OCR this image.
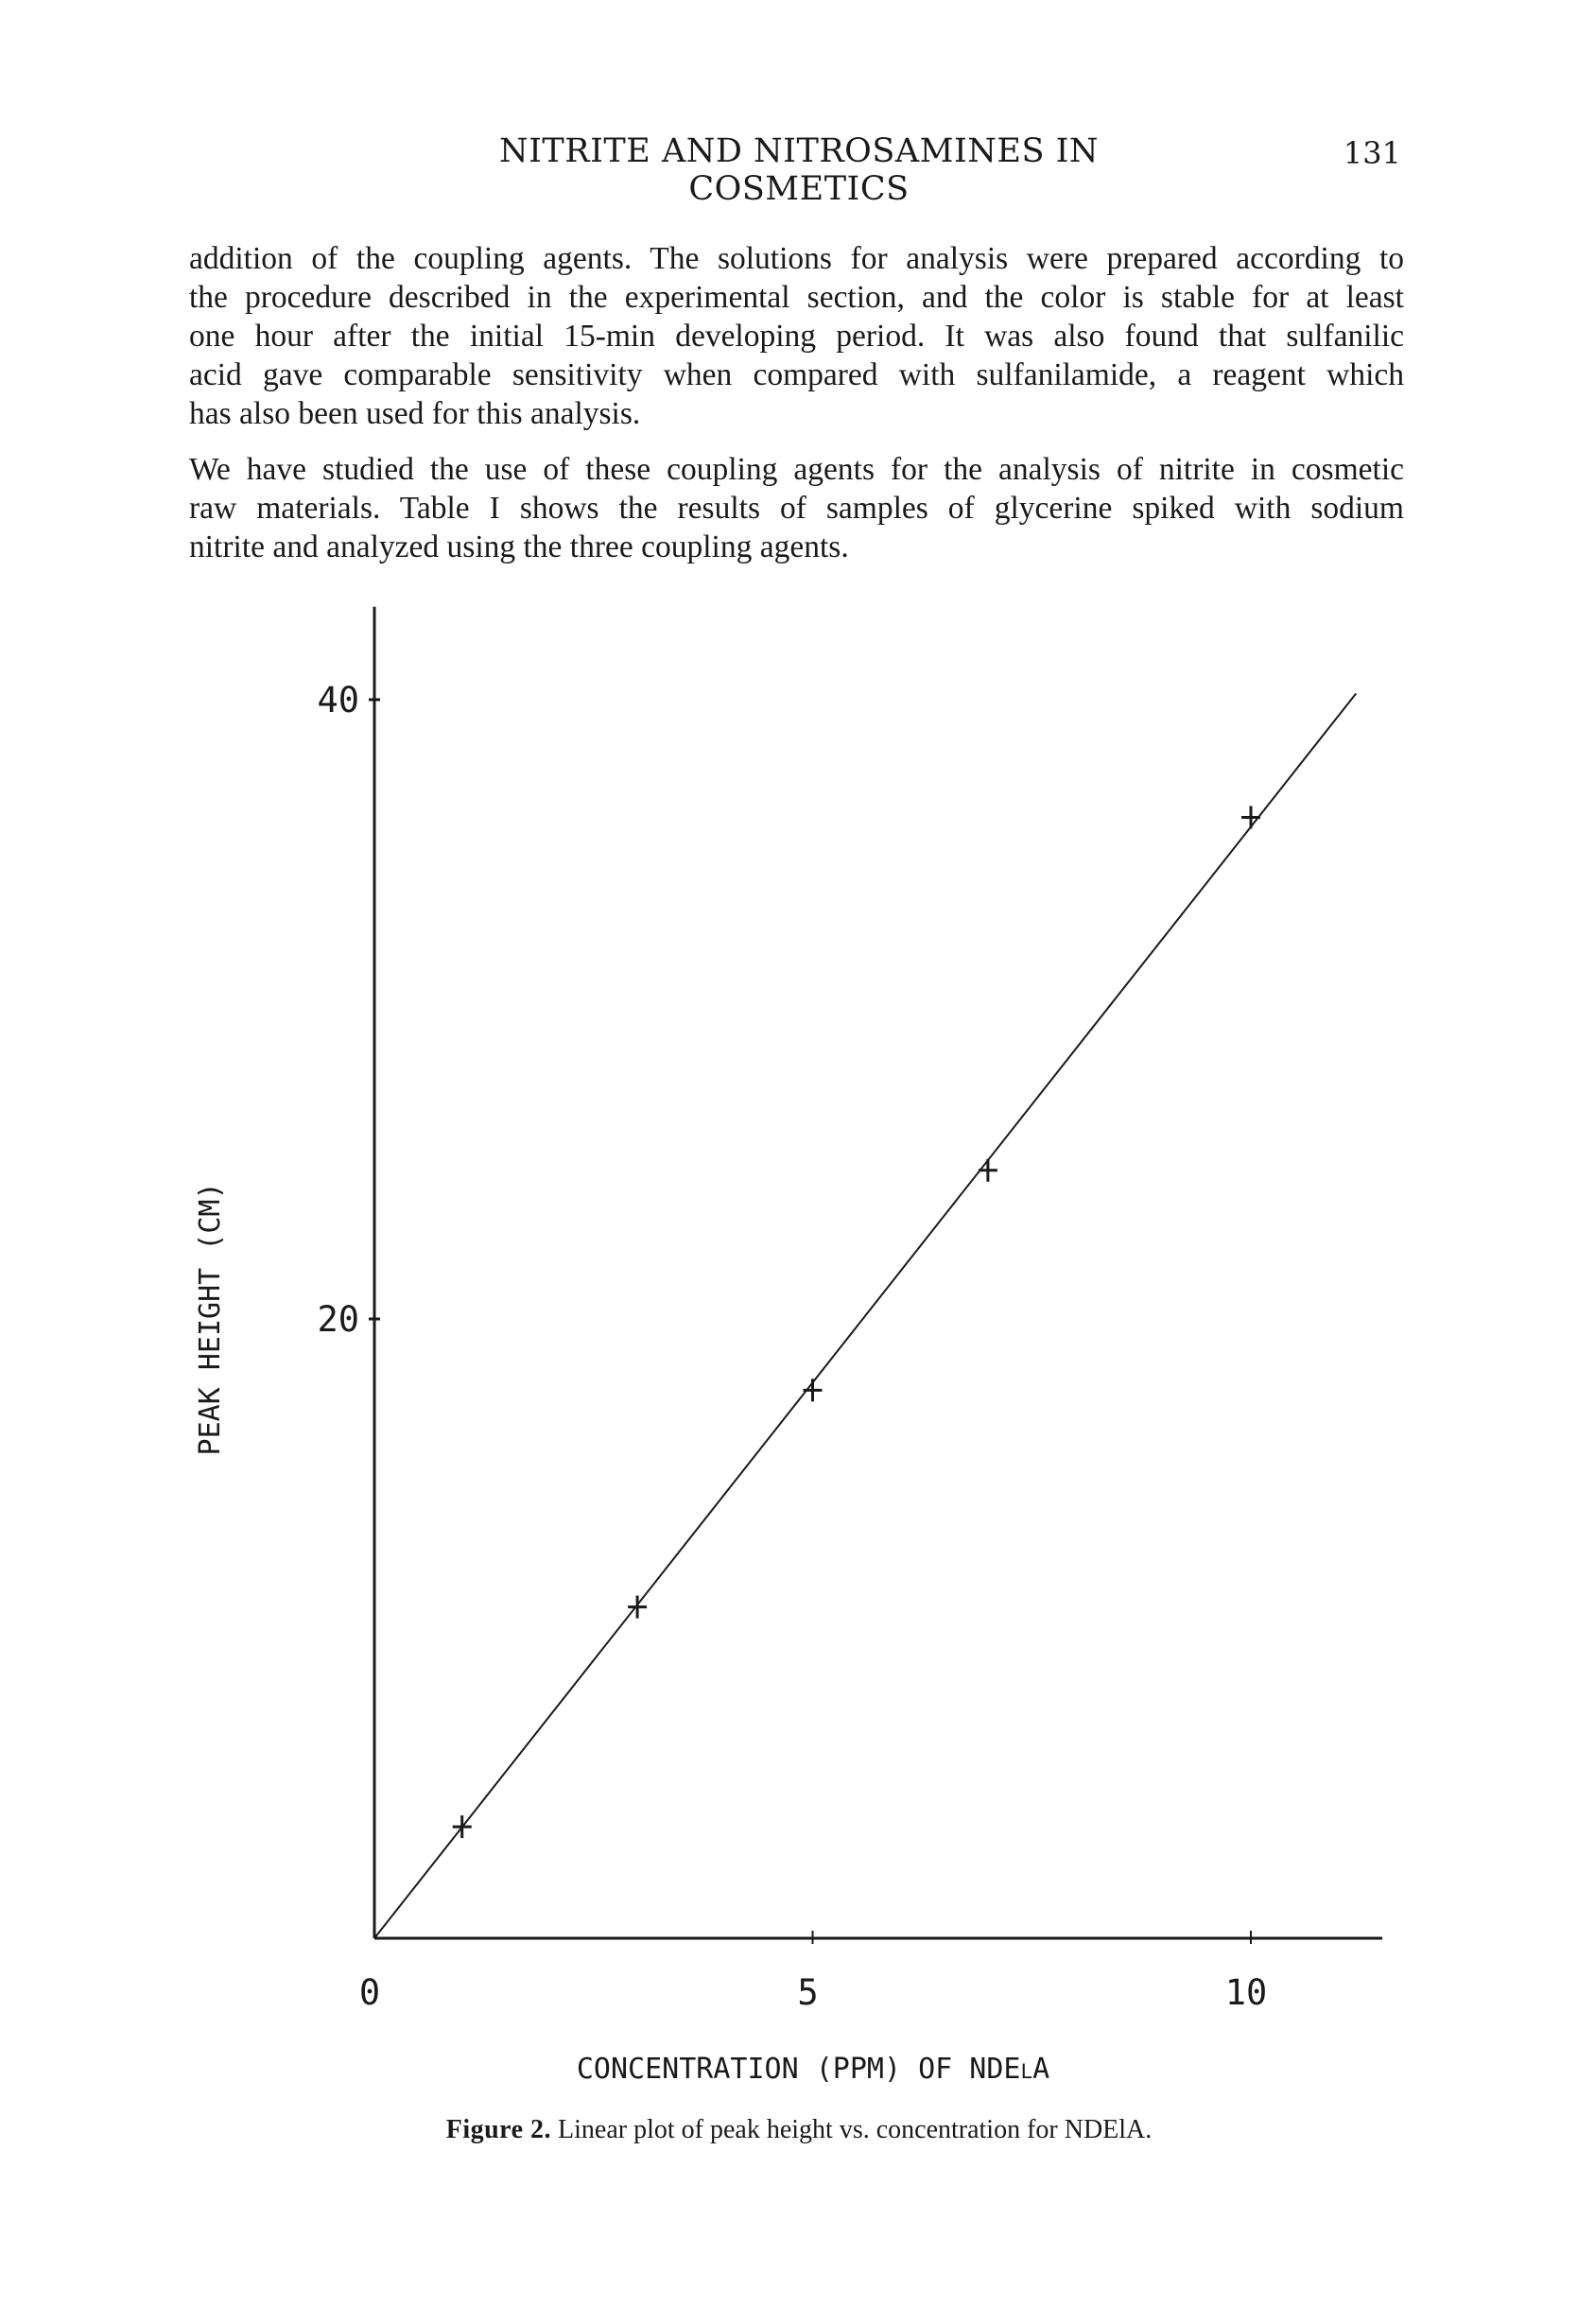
NITRITE AND NITROSAMINES IN COSMETICS
131
addition of the coupling agents. The solutions for analysis were prepared according to
the procedure described in the experimental section, and the color is stable for at least
one hour after the initial 15-min developing period. It was also found that sulfanilic
acid gave comparable sensitivity when compared with sulfanilamide, a reagent which
has also been used for this analysis.
We have studied the use of these coupling agents for the analysis of nitrite in cosmetic
raw materials. Table I shows the results of samples of glycerine spiked with sodium
nitrite and analyzed using the three coupling agents.
20
40
0	5	10
CONCENTRATION (PPM) OF NDElA
PEAK HEIGHT (CM)
Figure 2. Linear plot of peak height vs. concentration for NDElA.
